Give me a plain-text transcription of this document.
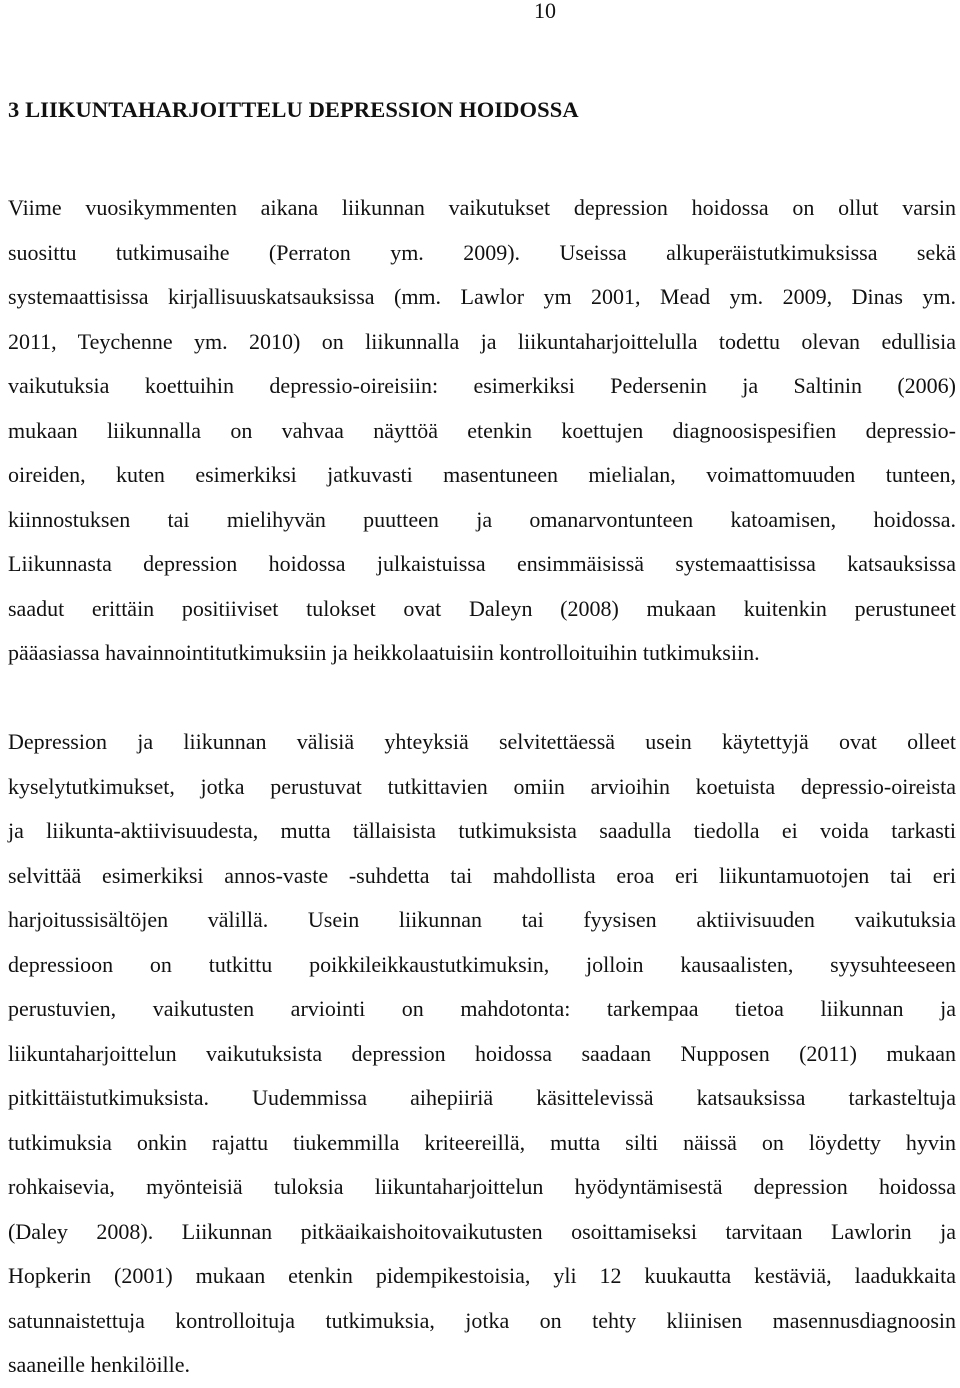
10
3 LIIKUNTAHARJOITTELU DEPRESSION HOIDOSSA

Viime vuosikymmenten aikana liikunnan vaikutukset depression hoidossa on ollut varsin
suosittu tutkimusaihe (Perraton ym. 2009). Useissa alkuperäistutkimuksissa sekä
systemaattisissa kirjallisuuskatsauksissa (mm. Lawlor ym 2001, Mead ym. 2009, Dinas ym.
2011, Teychenne ym. 2010) on liikunnalla ja liikuntaharjoittelulla todettu olevan edullisia
vaikutuksia koettuihin depressio-oireisiin: esimerkiksi Pedersenin ja Saltinin (2006)
mukaan liikunnalla on vahvaa näyttöä etenkin koettujen diagnoosispesifien depressio-
oireiden, kuten esimerkiksi jatkuvasti masentuneen mielialan, voimattomuuden tunteen,
kiinnostuksen tai mielihyvän puutteen ja omanarvontunteen katoamisen, hoidossa.
Liikunnasta depression hoidossa julkaistuissa ensimmäisissä systemaattisissa katsauksissa
saadut erittäin positiiviset tulokset ovat Daleyn (2008) mukaan kuitenkin perustuneet
pääasiassa havainnointitutkimuksiin ja heikkolaatuisiin kontrolloituihin tutkimuksiin.

Depression ja liikunnan välisiä yhteyksiä selvitettäessä usein käytettyjä ovat olleet
kyselytutkimukset, jotka perustuvat tutkittavien omiin arvioihin koetuista depressio-oireista
ja liikunta-aktiivisuudesta, mutta tällaisista tutkimuksista saadulla tiedolla ei voida tarkasti
selvittää esimerkiksi annos-vaste -suhdetta tai mahdollista eroa eri liikuntamuotojen tai eri
harjoitussisältöjen välillä. Usein liikunnan tai fyysisen aktiivisuuden vaikutuksia
depressioon on tutkittu poikkileikkaustutkimuksin, jolloin kausaalisten, syysuhteeseen
perustuvien, vaikutusten arviointi on mahdotonta: tarkempaa tietoa liikunnan ja
liikuntaharjoittelun vaikutuksista depression hoidossa saadaan Nupposen (2011) mukaan
pitkittäistutkimuksista. Uudemmissa aihepiiriä käsittelevissä katsauksissa tarkasteltuja
tutkimuksia onkin rajattu tiukemmilla kriteereillä, mutta silti näissä on löydetty hyvin
rohkaisevia, myönteisiä tuloksia liikuntaharjoittelun hyödyntämisestä depression hoidossa
(Daley 2008). Liikunnan pitkäaikaishoitovaikutusten osoittamiseksi tarvitaan Lawlorin ja
Hopkerin (2001) mukaan etenkin pidempikestoisia, yli 12 kuukautta kestäviä, laadukkaita
satunnaistettuja kontrolloituja tutkimuksia, jotka on tehty kliinisen masennusdiagnoosin
saaneille henkilöille.
